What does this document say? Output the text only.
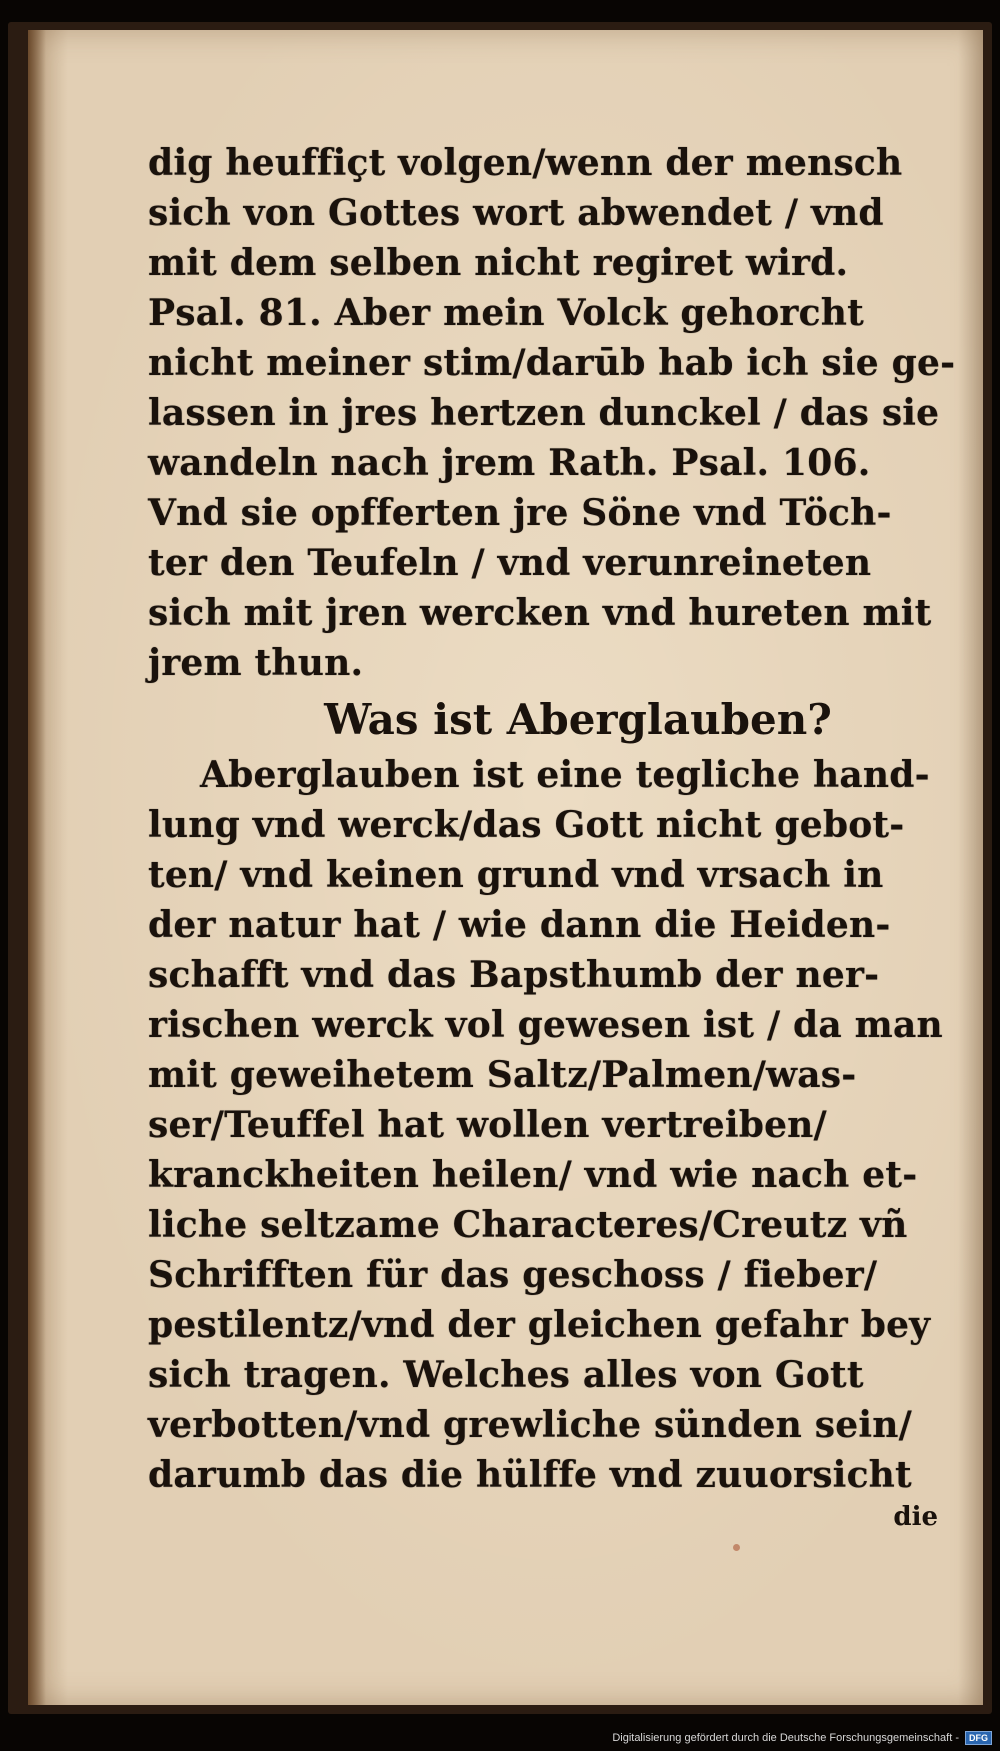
dig heuffiҫt volgen/wenn der mensch
sich von Gottes wort abwendet / vnd
mit dem selben nicht regiret wird.
Psal. 81. Aber mein Volck gehorcht
nicht meiner stim/darūb hab ich sie ge-
lassen in jres hertzen dunckel / das sie
wandeln nach jrem Rath. Psal. 106.
Vnd sie opfferten jre Söne vnd Töch-
ter den Teufeln / vnd verunreineten
sich mit jren wercken vnd hureten mit
jrem thun.
Was ist Aberglauben?
Aberglauben ist eine tegliche hand-
lung vnd werck/das Gott nicht gebot-
ten/ vnd keinen grund vnd vrsach in
der natur hat / wie dann die Heiden-
schafft vnd das Bapsthumb der ner-
rischen werck vol gewesen ist / da man
mit geweihetem Saltz/Palmen/was-
ser/Teuffel hat wollen vertreiben/
kranckheiten heilen/ vnd wie nach et-
liche seltzame Characteres/Creutz vñ
Schrifften für das geschoss / fieber/
pestilentz/vnd der gleichen gefahr bey
sich tragen. Welches alles von Gott
verbotten/vnd grewliche sünden sein/
darumb das die hülffe vnd zuuorsicht
die
Digitalisierung gefördert durch die Deutsche Forschungsgemeinschaft -	DFG
